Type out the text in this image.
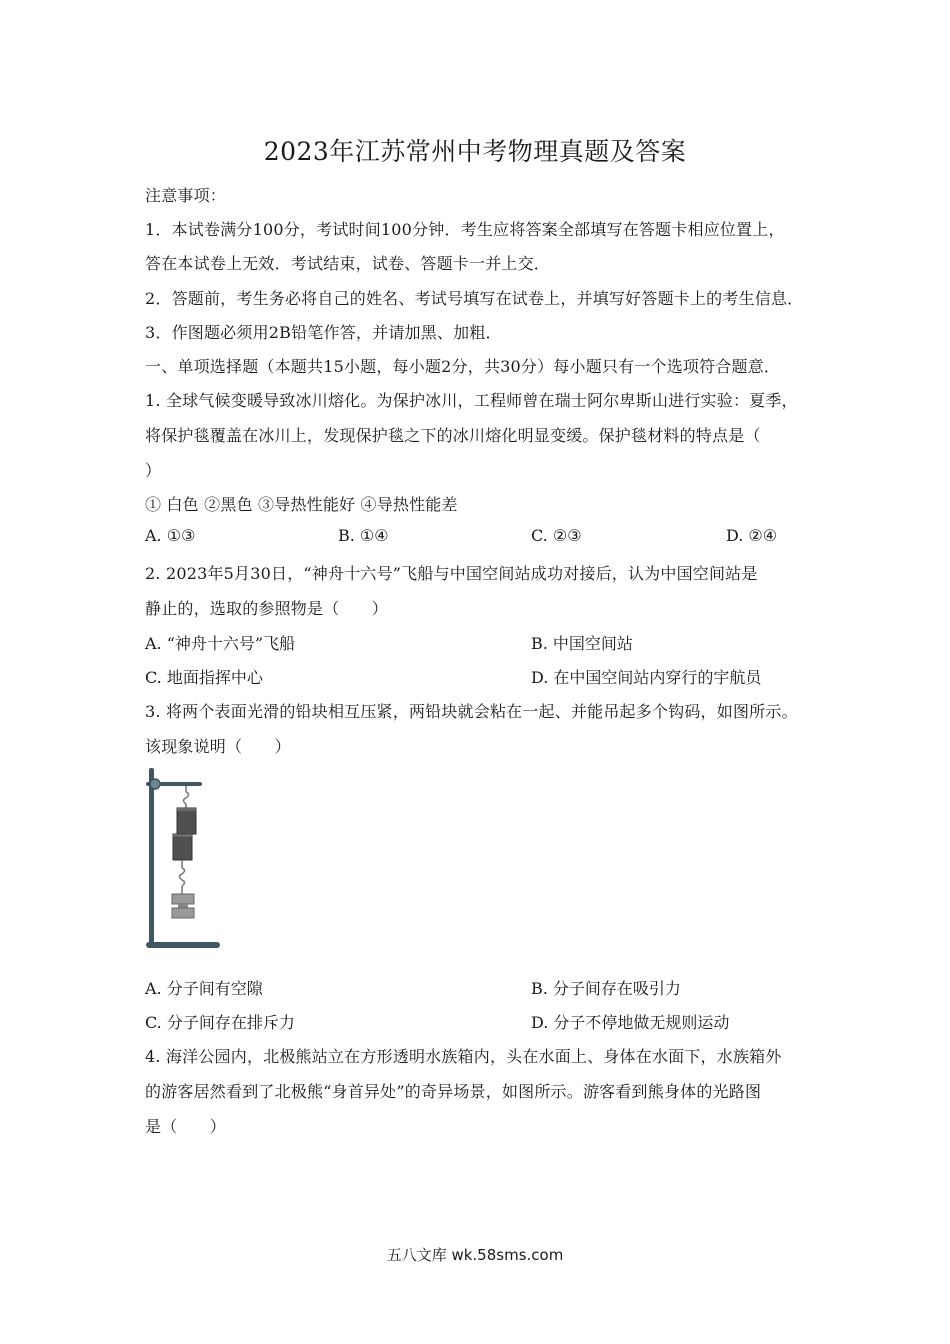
2023年江苏常州中考物理真题及答案
注意事项：
1．本试卷满分100分，考试时间100分钟．考生应将答案全部填写在答题卡相应位置上，
答在本试卷上无效．考试结束，试卷、答题卡一并上交．
2．答题前，考生务必将自己的姓名、考试号填写在试卷上，并填写好答题卡上的考生信息．
3．作图题必须用2B铅笔作答，并请加黑、加粗．
一、单项选择题（本题共15小题，每小题2分，共30分）每小题只有一个选项符合题意．
1. 全球气候变暖导致冰川熔化。为保护冰川，工程师曾在瑞士阿尔卑斯山进行实验：夏季，
将保护毯覆盖在冰川上，发现保护毯之下的冰川熔化明显变缓。保护毯材料的特点是（
）
① 白色 ②黑色 ③导热性能好 ④导热性能差
A. ①③	B. ①④	C. ②③	D. ②④
2. 2023年5月30日，“神舟十六号”飞船与中国空间站成功对接后，认为中国空间站是
静止的，选取的参照物是（　　）
A. “神舟十六号”飞船	B. 中国空间站
C. 地面指挥中心	D. 在中国空间站内穿行的宇航员
3. 将两个表面光滑的铅块相互压紧，两铅块就会粘在一起、并能吊起多个钩码，如图所示。
该现象说明（　　）
A. 分子间有空隙	B. 分子间存在吸引力
C. 分子间存在排斥力	D. 分子不停地做无规则运动
4. 海洋公园内，北极熊站立在方形透明水族箱内，头在水面上、身体在水面下，水族箱外
的游客居然看到了北极熊“身首异处”的奇异场景，如图所示。游客看到熊身体的光路图
是（　　）
五八文库 wk.58sms.com
